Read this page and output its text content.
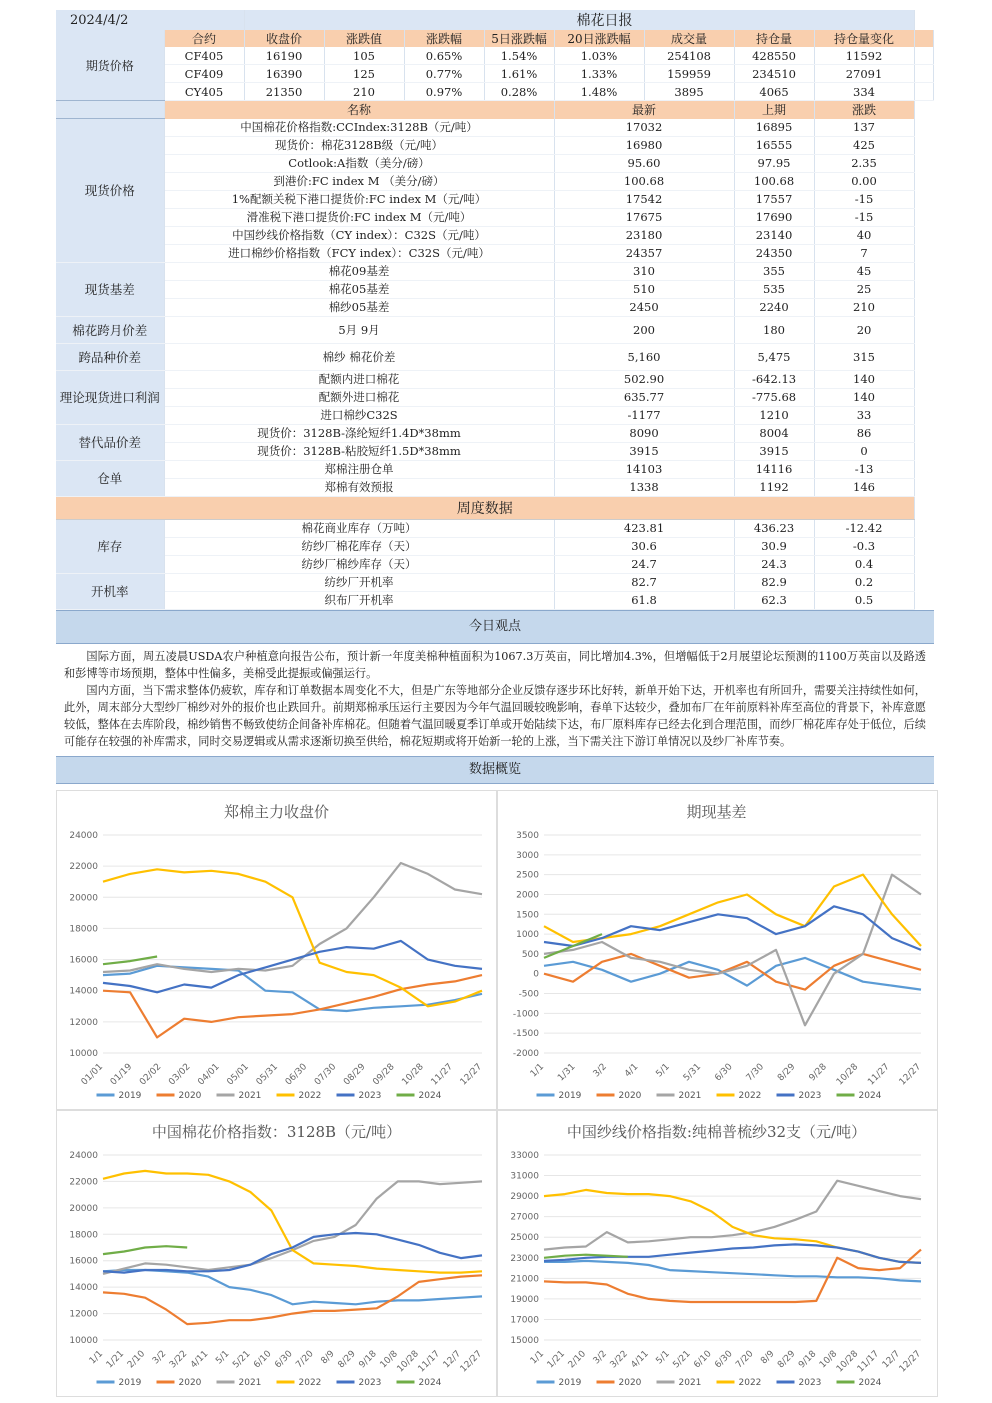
2024/4/2		棉花日报								
期货价格	合约	收盘价	涨跌值	涨跌幅	5日涨跌幅	20日涨跌幅	成交量	持仓量	持仓量变化	
	CF405	16190	105	0.65%	1.54%	1.03%	254108	428550	11592	
	CF409	16390	125	0.77%	1.61%	1.33%	159959	234510	27091	
	CY405	21350	210	0.97%	0.28%	1.48%	3895	4065	334	
	名称					最新		上期	涨跌	
现货价格	中国棉花价格指数:CCIndex:3128B（元/吨）					17032		16895	137	
	现货价：棉花3128B级（元/吨）					16980		16555	425	
	Cotlook:A指数（美分/磅）					95.60		97.95	2.35	
	到港价:FC index M （美分/磅）					100.68		100.68	0.00	
	1%配额关税下港口提货价:FC index M（元/吨）					17542		17557	-15	
	滑准税下港口提货价:FC index M（元/吨）					17675		17690	-15	
	中国纱线价格指数（CY index）：C32S（元/吨）					23180		23140	40	
	进口棉纱价格指数（FCY index）：C32S（元/吨）					24357		24350	7	
现货基差	棉花09基差					310		355	45	
	棉花05基差					510		535	25	
	棉纱05基差					2450		2240	210	
棉花跨月价差	5月 9月					200		180	20	
跨品种价差	棉纱 棉花价差					5,160		5,475	315	
理论现货进口利润	配额内进口棉花					502.90		-642.13	140	
	配额外进口棉花					635.77		-775.68	140	
	进口棉纱C32S					-1177		1210	33	
替代品价差	现货价：3128B-涤纶短纤1.4D*38mm					8090		8004	86	
	现货价：3128B-粘胶短纤1.5D*38mm					3915		3915	0	
仓单	郑棉注册仓单					14103		14116	-13	
	郑棉有效预报					1338		1192	146	
周度数据										
库存	棉花商业库存（万吨）					423.81		436.23	-12.42	
	纺纱厂棉花库存（天）					30.6		30.9	-0.3	
	纺纱厂棉纱库存（天）					24.7		24.3	0.4	
开机率	纺纱厂开机率					82.7		82.9	0.2	
	织布厂开机率					61.8		62.3	0.5	
今日观点

国际方面，周五凌晨USDA农户种植意向报告公布，预计新一年度美棉种植面积为1067.3万英亩，同比增加4.3%，但增幅低于2月展望论坛预测的1100万英亩以及路透和彭博等市场预期，整体中性偏多，美棉受此提振或偏强运行。

国内方面，当下需求整体仍疲软，库存和订单数据本周变化不大，但是广东等地部分企业反馈存逐步环比好转，新单开始下达，开机率也有所回升，需要关注持续性如何，此外，周末部分大型纱厂棉纱对外的报价也止跌回升。前期郑棉承压运行主要因为今年气温回暖较晚影响，春单下达较少，叠加布厂在年前原料补库至高位的背景下，补库意愿较低，整体在去库阶段，棉纱销售不畅致使纺企间备补库棉花。但随着气温回暖夏季订单或开始陆续下达，布厂原料库存已经去化到合理范围，而纱厂棉花库存处于低位，后续可能存在较强的补库需求，同时交易逻辑或从需求逐渐切换至供给，棉花短期或将开始新一轮的上涨，当下需关注下游订单情况以及纱厂补库节奏。

数据概览
郑棉主力收盘价
24000
22000
20000
18000
16000
14000
12000
10000
01/01 01/19 02/02 03/02 04/01 05/01 05/31 06/30 07/30 08/29 09/28 10/28 11/27 12/27
2019	2020	2021	2022	2023	2024
期现基差
3500
3000
2500
2000
1500
1000
500
0
-500
-1000
-1500
-2000
1/1 1/31 3/2 4/1 5/1 5/31 6/30 7/30 8/29 9/28 10/28 11/27 12/27
2019	2020	2021	2022	2023	2024
中国棉花价格指数：3128B（元/吨）
24000
22000
20000
18000
16000
14000
12000
10000
1/1 1/21 2/10 3/2 3/22 4/11 5/1 5/21 6/10 6/30 7/20 8/9 8/29 9/18 10/8
10/28
11/17 12/7
12/27
2019	2020	2021	2022	2023	2024
中国纱线价格指数:纯棉普梳纱32支（元/吨）
33000
31000
29000
27000
25000
23000
21000
19000
17000
15000
1/1 1/21 2/10 3/2 3/22 4/11 5/1 5/21 6/10 6/30 7/20 8/9 8/29 9/18 10/8
10/28
11/17 12/7
12/27
2019	2020	2021	2022	2023	2024
